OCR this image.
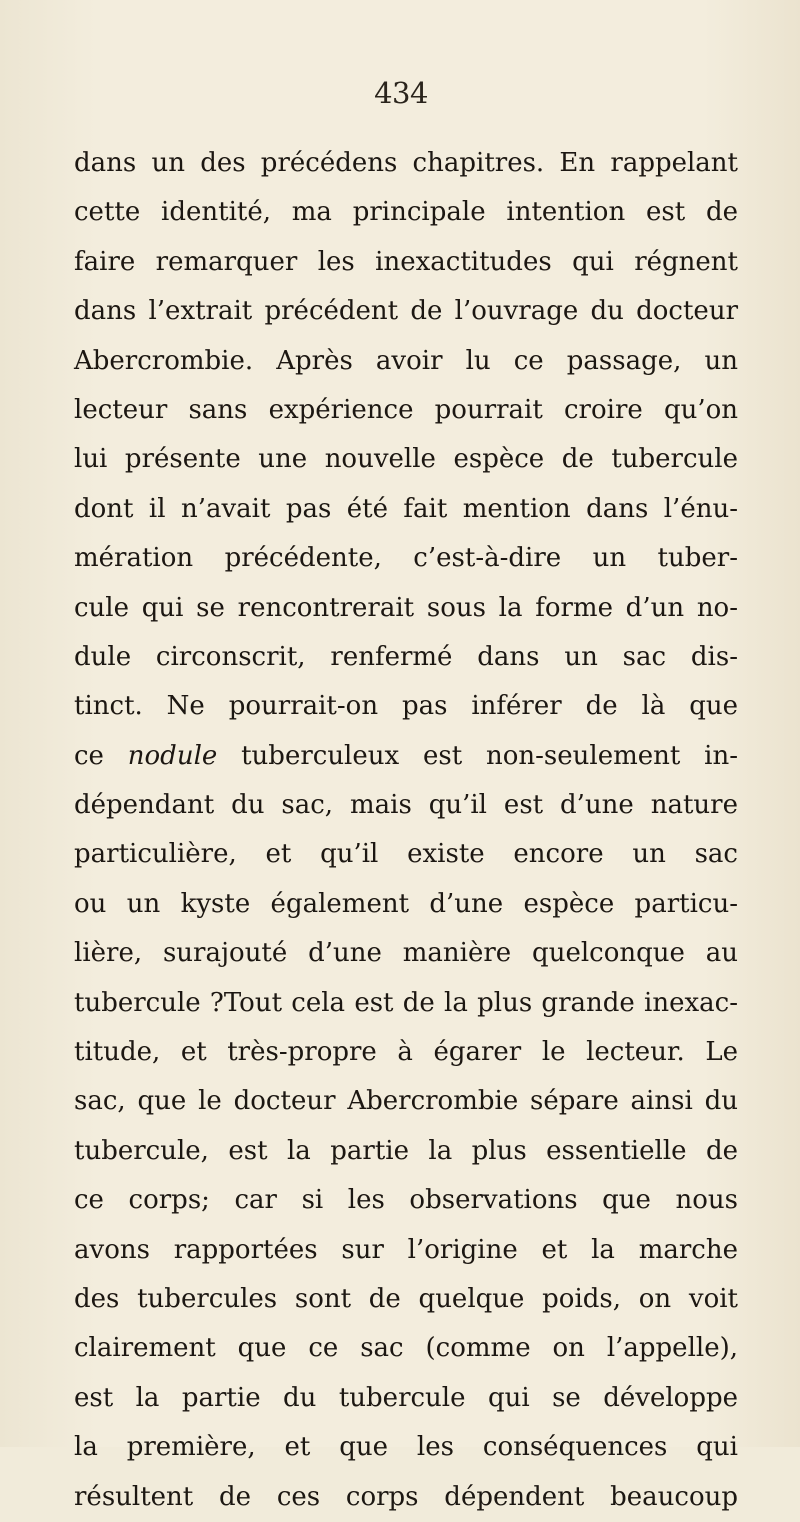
434
dans un des précédens chapitres. En rappelant
cette identité, ma principale intention est de
faire remarquer les inexactitudes qui régnent
dans l’extrait précédent de l’ouvrage du docteur
Abercrombie. Après avoir lu ce passage, un
lecteur sans expérience pourrait croire qu’on
lui présente une nouvelle espèce de tubercule
dont il n’avait pas été fait mention dans l’énu-
mération précédente, c’est-à-dire un tuber-
cule qui se rencontrerait sous la forme d’un no-
dule circonscrit, renfermé dans un sac dis-
tinct. Ne pourrait-on pas inférer de là que
ce nodule tuberculeux est non-seulement in-
dépendant du sac, mais qu’il est d’une nature
particulière, et qu’il existe encore un sac
ou un kyste également d’une espèce particu-
lière, surajouté d’une manière quelconque au
tubercule ?Tout cela est de la plus grande inexac-
titude, et très-propre à égarer le lecteur. Le
sac, que le docteur Abercrombie sépare ainsi du
tubercule, est la partie la plus essentielle de
ce corps; car si les observations que nous
avons rapportées sur l’origine et la marche
des tubercules sont de quelque poids, on voit
clairement que ce sac (comme on l’appelle),
est la partie du tubercule qui se développe
la première, et que les conséquences qui
résultent de ces corps dépendent beaucoup
